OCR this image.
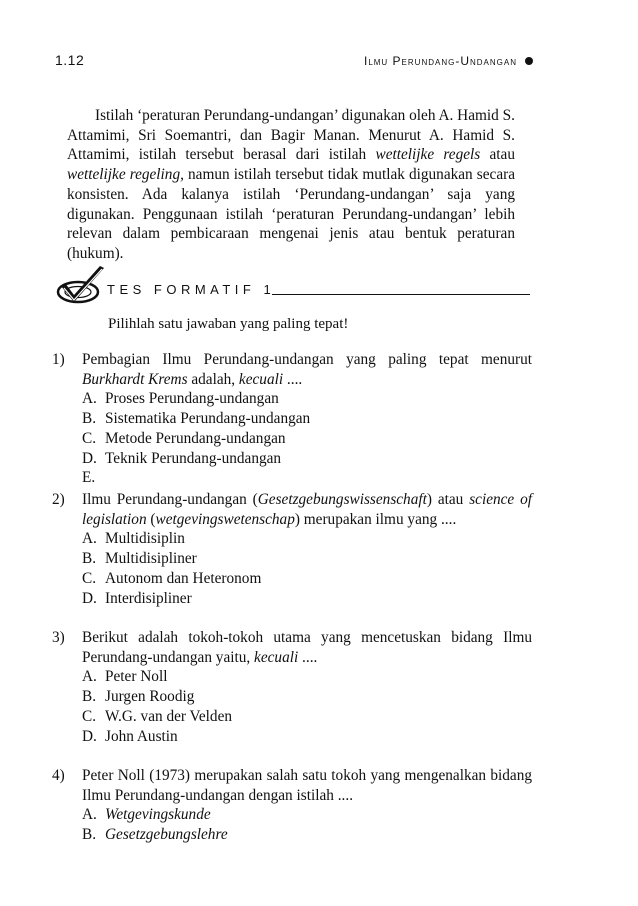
1.12	Ilmu Perundang-Undangan

Istilah ‘peraturan Perundang-undangan’ digunakan oleh A. Hamid S. Attamimi, Sri Soemantri, dan Bagir Manan. Menurut A. Hamid S. Attamimi, istilah tersebut berasal dari istilah wettelijke regels atau wettelijke regeling, namun istilah tersebut tidak mutlak digunakan secara konsisten. Ada kalanya istilah ‘Perundang-undangan’ saja yang digunakan. Penggunaan istilah ‘peraturan Perundang-undangan’ lebih relevan dalam pembicaraan mengenai jenis atau bentuk peraturan (hukum).

TES FORMATIF 1
Pilihlah satu jawaban yang paling tepat!
1) Pembagian Ilmu Perundang-undangan yang paling tepat menurut Burkhardt Krems adalah, kecuali ....
A. Proses Perundang-undangan
B. Sistematika Perundang-undangan
C. Metode Perundang-undangan
D. Teknik Perundang-undangan
E.
2) Ilmu Perundang-undangan (Gesetzgebungswissenschaft) atau science of legislation (wetgevingswetenschap) merupakan ilmu yang ....
A. Multidisiplin
B. Multidisipliner
C. Autonom dan Heteronom
D. Interdisipliner
3) Berikut adalah tokoh-tokoh utama yang mencetuskan bidang Ilmu Perundang-undangan yaitu, kecuali ....
A. Peter Noll
B. Jurgen Roodig
C. W.G. van der Velden
D. John Austin
4) Peter Noll (1973) merupakan salah satu tokoh yang mengenalkan bidang Ilmu Perundang-undangan dengan istilah ....
A. Wetgevingskunde
B. Gesetzgebungslehre
